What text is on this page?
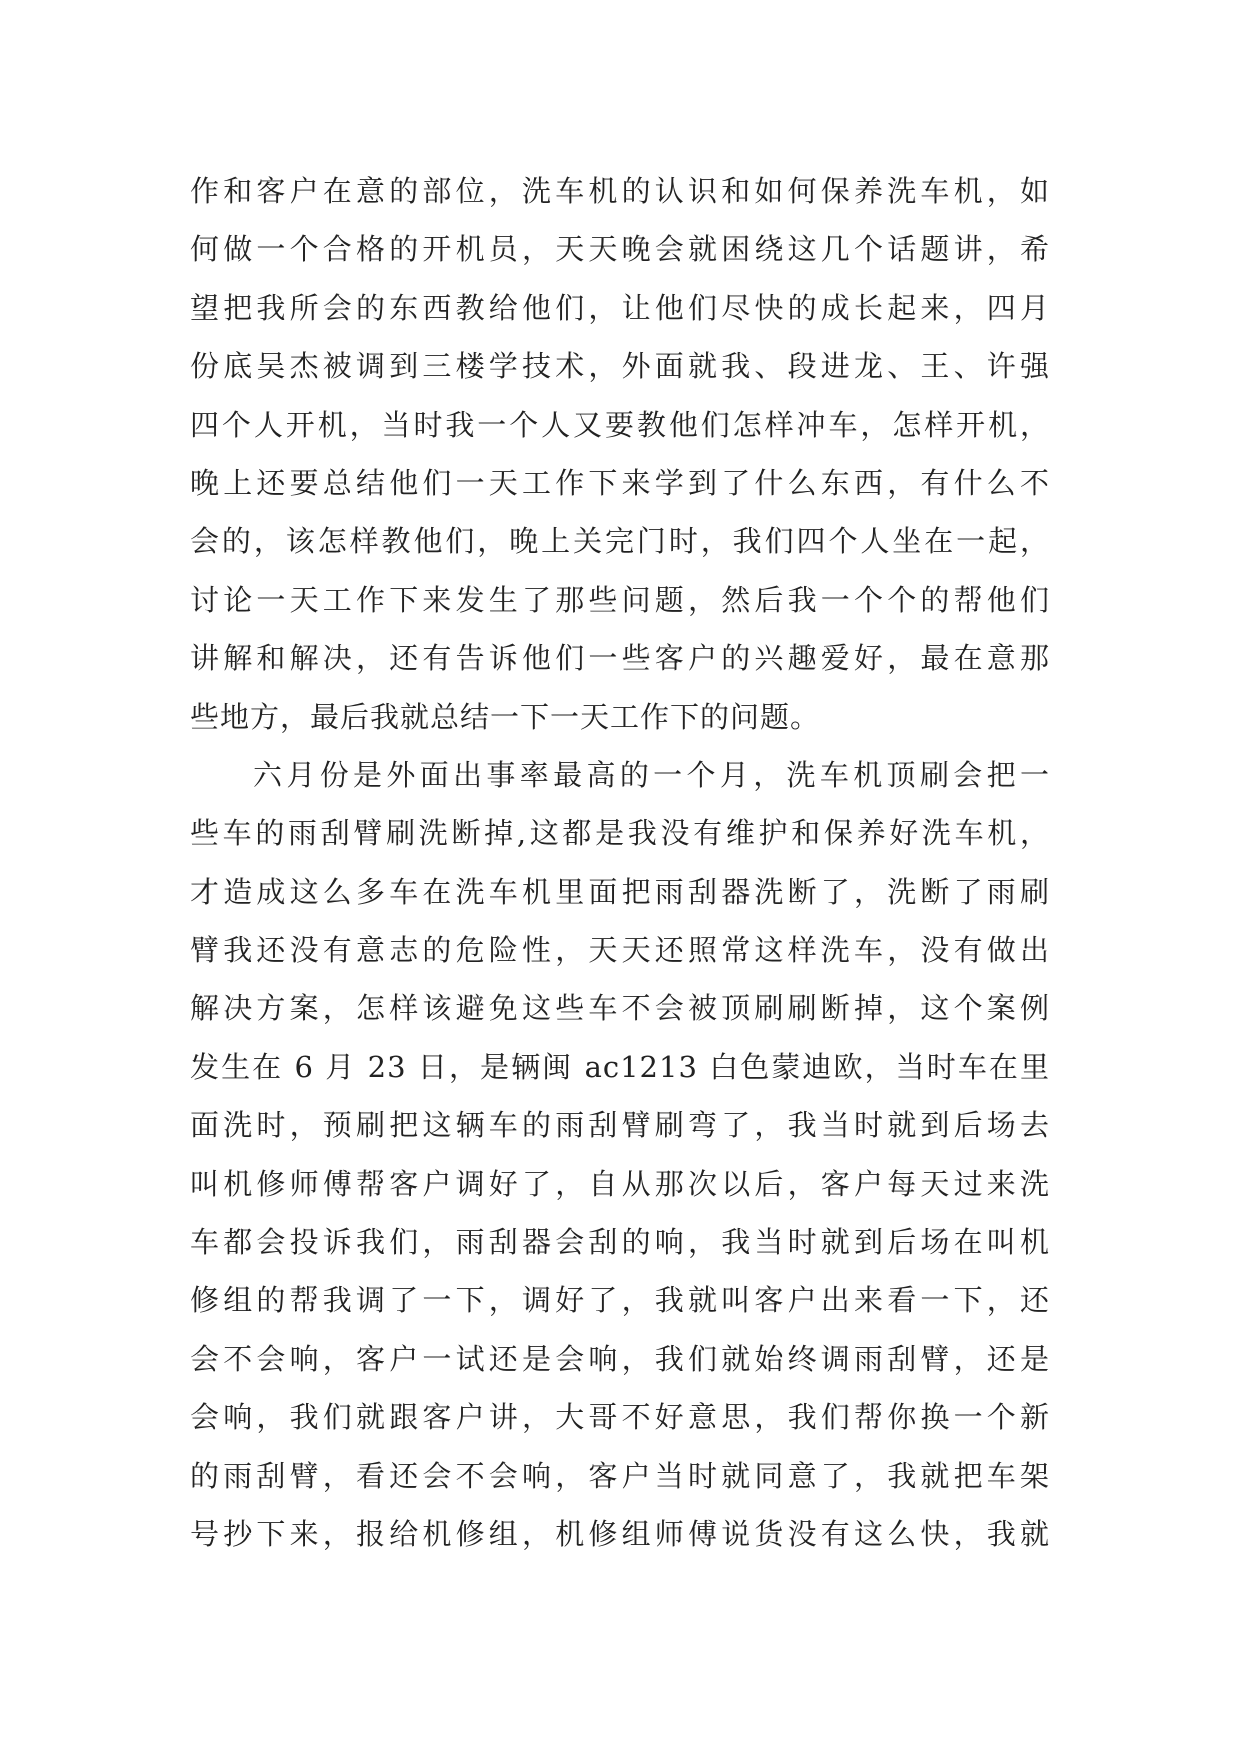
作和客户在意的部位，洗车机的认识和如何保养洗车机，如
何做一个合格的开机员，天天晚会就困绕这几个话题讲，希
望把我所会的东西教给他们，让他们尽快的成长起来，四月
份底吴杰被调到三楼学技术，外面就我、段进龙、王、许强
四个人开机，当时我一个人又要教他们怎样冲车，怎样开机，
晚上还要总结他们一天工作下来学到了什么东西，有什么不
会的，该怎样教他们，晚上关完门时，我们四个人坐在一起，
讨论一天工作下来发生了那些问题，然后我一个个的帮他们
讲解和解决，还有告诉他们一些客户的兴趣爱好，最在意那
些地方，最后我就总结一下一天工作下的问题。
六月份是外面出事率最高的一个月，洗车机顶刷会把一
些车的雨刮臂刷洗断掉,这都是我没有维护和保养好洗车机，
才造成这么多车在洗车机里面把雨刮器洗断了，洗断了雨刷
臂我还没有意志的危险性，天天还照常这样洗车，没有做出
解决方案，怎样该避免这些车不会被顶刷刷断掉，这个案例
发生在 6 月 23 日，是辆闽 ac1213 白色蒙迪欧，当时车在里
面洗时，预刷把这辆车的雨刮臂刷弯了，我当时就到后场去
叫机修师傅帮客户调好了，自从那次以后，客户每天过来洗
车都会投诉我们，雨刮器会刮的响，我当时就到后场在叫机
修组的帮我调了一下，调好了，我就叫客户出来看一下，还
会不会响，客户一试还是会响，我们就始终调雨刮臂，还是
会响，我们就跟客户讲，大哥不好意思，我们帮你换一个新
的雨刮臂，看还会不会响，客户当时就同意了，我就把车架
号抄下来，报给机修组，机修组师傅说货没有这么快，我就
